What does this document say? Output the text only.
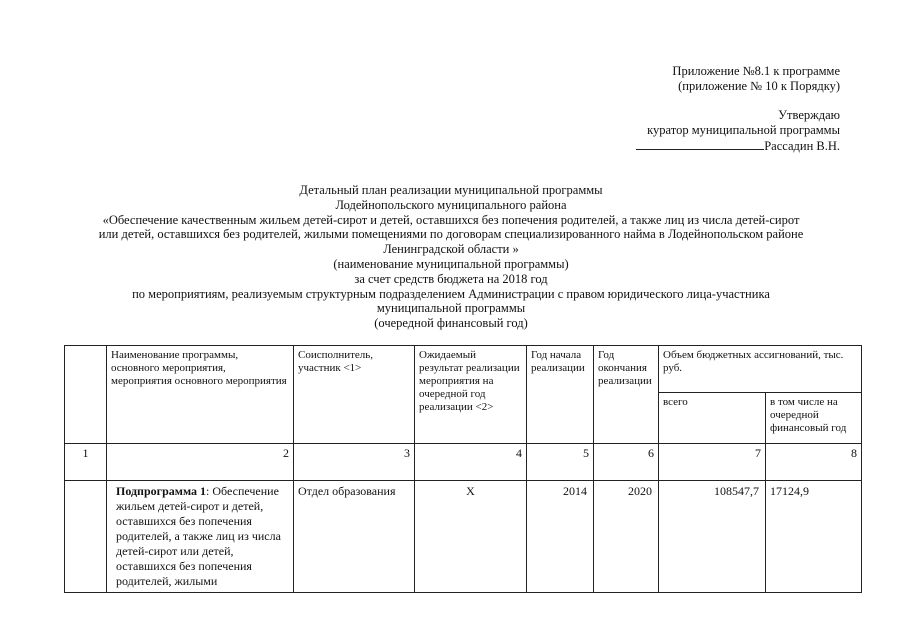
Приложение №8.1 к программе
(приложение № 10 к Порядку)
Утверждаю
куратор муниципальной программы
Рассадин В.Н.
Детальный план реализации муниципальной программы
Лодейнопольского муниципального района
«Обеспечение качественным жильем детей-сирот и детей, оставшихся без попечения родителей, а также лиц из числа детей-сирот
или детей, оставшихся без родителей, жилыми помещениями по договорам специализированного найма в Лодейнопольском районе
Ленинградской области »
(наименование муниципальной программы)
за счет средств бюджета на 2018 год
по мероприятиям, реализуемым структурным подразделением Администрации с правом юридического лица-участника
муниципальной программы
(очередной финансовый год)
	Наименование программы, основного мероприятия, мероприятия основного мероприятия	Соисполнитель, участник <1>	Ожидаемый результат реализации мероприятия на очередной год реализации <2>	Год начала реализации	Год окончания реализации	Объем бюджетных ассигнований, тыс. руб.	
						всего	в том числе на очередной финансовый год
1	2	3	4	5	6	7	8
	Подпрограмма 1: Обеспечение жильем детей-сирот и детей, оставшихся без попечения родителей, а также лиц из числа детей-сирот или детей, оставшихся без попечения родителей, жилыми	Отдел образования	Х	2014	2020	108547,7	17124,9
